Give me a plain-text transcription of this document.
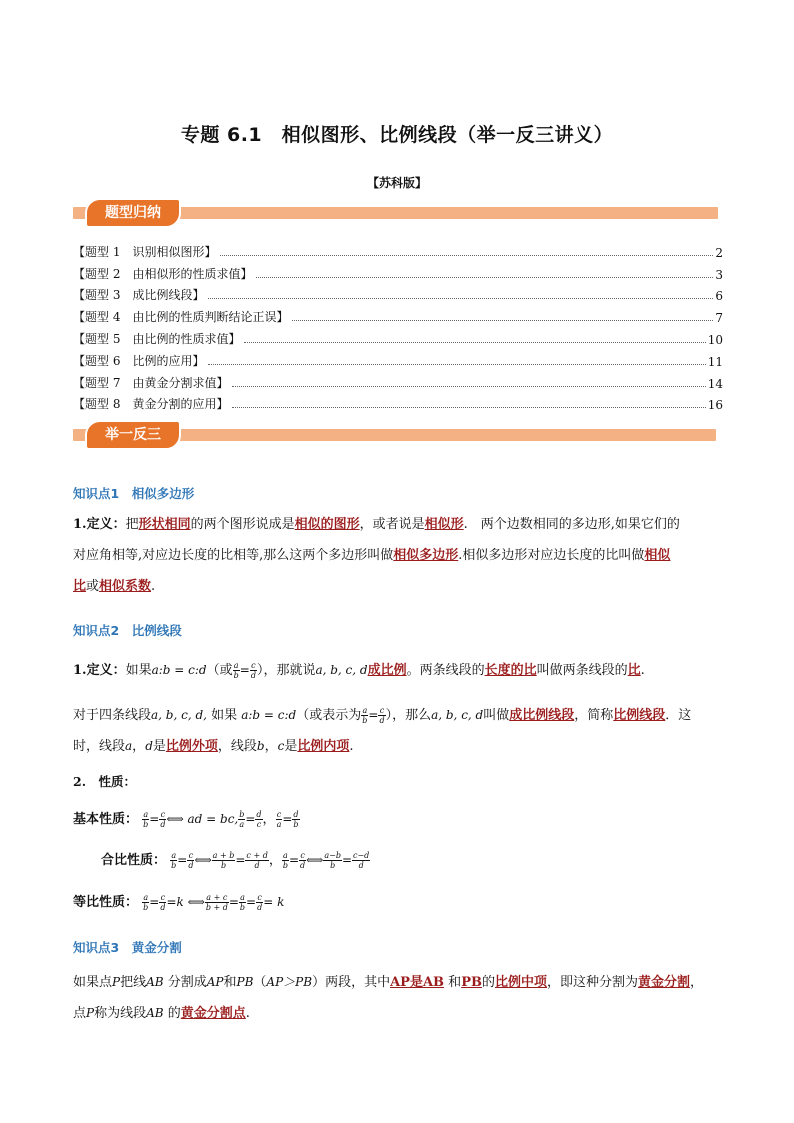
专题 6.1　相似图形、比例线段（举一反三讲义）
【苏科版】
题型归纳
【题型 1　识别相似图形】	2
【题型 2　由相似形的性质求值】	3
【题型 3　成比例线段】	6
【题型 4　由比例的性质判断结论正误】	7
【题型 5　由比例的性质求值】	10
【题型 6　比例的应用】	11
【题型 7　由黄金分割求值】	14
【题型 8　黄金分割的应用】	16
举一反三
知识点1　相似多边形
1.定义：把形状相同的两个图形说成是相似的图形，或者说是相似形.　两个边数相同的多边形,如果它们的
对应角相等,对应边长度的比相等,那么这两个多边形叫做相似多边形.相似多边形对应边长度的比叫做相似
比或相似系数.
知识点2　比例线段
1.定义：如果a:b = c:d（或 $\frac{a}{b} = \frac{c}{d}$ ），那就说a, b, c, d成比例。两条线段的长度的比叫做两条线段的比.
对于四条线段a, b, c, d, 如果 a:b = c:d（或表示为 $\frac{a}{b} = \frac{c}{d}$ ），那么a, b, c, d叫做成比例线段，简称比例线段．这
时，线段a，d是比例外项，线段b，c是比例内项.
2.　性质：
基本性质： $\frac{a}{b} = \frac{c}{d}$ ⟺ ad = bc, $\frac{b}{a} = \frac{d}{c}$ ， $\frac{c}{a} = \frac{d}{b}$
合比性质： $\frac{a}{b} = \frac{c}{d}$ ⟺ $\frac{a + b}{b} = \frac{c + d}{d}$ ， $\frac{a}{b} = \frac{c}{d}$ ⟺ $\frac{a-b}{b} = \frac{c-d}{d}$
等比性质： $\frac{a}{b} = \frac{c}{d} =k$ ⟺ $\frac{a + c}{b + d} = \frac{a}{b} = \frac{c}{d} = k$
知识点3　黄金分割
如果点P把线AB 分割成AP和PB（AP＞PB）两段，其中AP是AB 和PB的比例中项，即这种分割为黄金分割，
点P称为线段AB 的黄金分割点.
